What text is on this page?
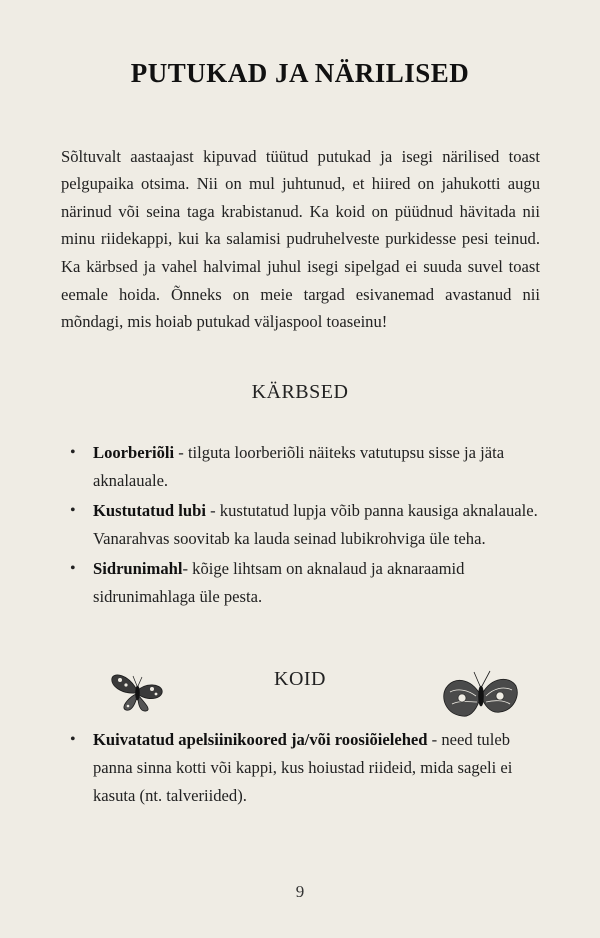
PUTUKAD JA NÄRILISED

Sõltuvalt aastaajast kipuvad tüütud putukad ja isegi närilised toast pelgupaika otsima. Nii on mul juhtunud, et hiired on jahukotti augu närinud või seina taga krabistanud. Ka koid on püüdnud hävitada nii minu riidekappi, kui ka salamisi pudruhelveste purkidesse pesi teinud. Ka kärbsed ja vahel halvimal juhul isegi sipelgad ei suuda suvel toast eemale hoida. Õnneks on meie targad esivanemad avastanud nii mõndagi, mis hoiab putukad väljaspool toaseinu!

KÄRBSED
• Loorberiõli - tilguta loorberiõli näiteks vatutupsu sisse ja jäta aknalauale.
• Kustutatud lubi - kustutatud lupja võib panna kausiga aknalauale. Vanarahvas soovitab ka lauda seinad lubikrohviga üle teha.
• Sidrunimahl- kõige lihtsam on aknalaud ja aknaraamid sidrunimahlaga üle pesta.
KOID
• Kuivatatud apelsiinikoored ja/või roosiõielehed - need tuleb panna sinna kotti või kappi, kus hoiustad riideid, mida sageli ei kasuta (nt. talveriided).
9
